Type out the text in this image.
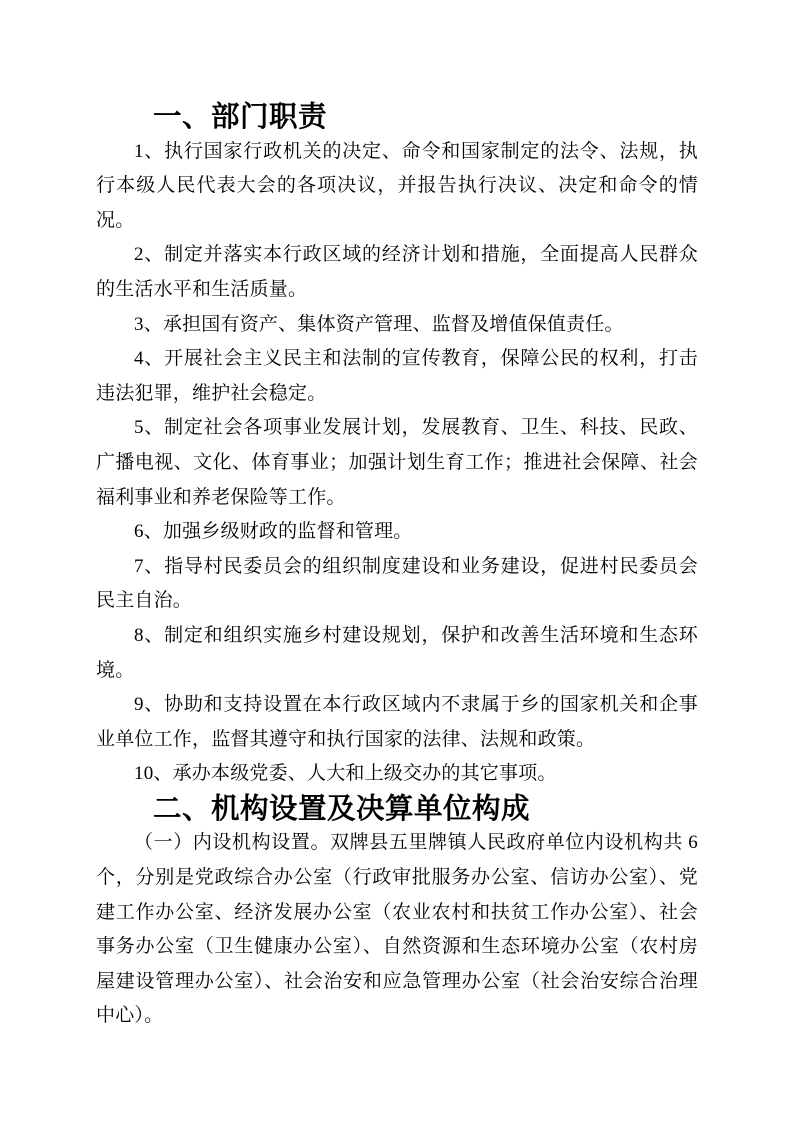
一、部门职责

1、执行国家行政机关的决定、命令和国家制定的法令、法规，执行本级人民代表大会的各项决议，并报告执行决议、决定和命令的情况。

2、制定并落实本行政区域的经济计划和措施，全面提高人民群众的生活水平和生活质量。

3、承担国有资产、集体资产管理、监督及增值保值责任。

4、开展社会主义民主和法制的宣传教育，保障公民的权利，打击违法犯罪，维护社会稳定。

5、制定社会各项事业发展计划，发展教育、卫生、科技、民政、广播电视、文化、体育事业；加强计划生育工作；推进社会保障、社会福利事业和养老保险等工作。

6、加强乡级财政的监督和管理。

7、指导村民委员会的组织制度建设和业务建设，促进村民委员会民主自治。

8、制定和组织实施乡村建设规划，保护和改善生活环境和生态环境。

9、协助和支持设置在本行政区域内不隶属于乡的国家机关和企事业单位工作，监督其遵守和执行国家的法律、法规和政策。

10、承办本级党委、人大和上级交办的其它事项。

二、机构设置及决算单位构成

（一）内设机构设置。双牌县五里牌镇人民政府单位内设机构共 6 个，分别是党政综合办公室（行政审批服务办公室、信访办公室）、党建工作办公室、经济发展办公室（农业农村和扶贫工作办公室）、社会事务办公室（卫生健康办公室）、自然资源和生态环境办公室（农村房屋建设管理办公室）、社会治安和应急管理办公室（社会治安综合治理中心）。
